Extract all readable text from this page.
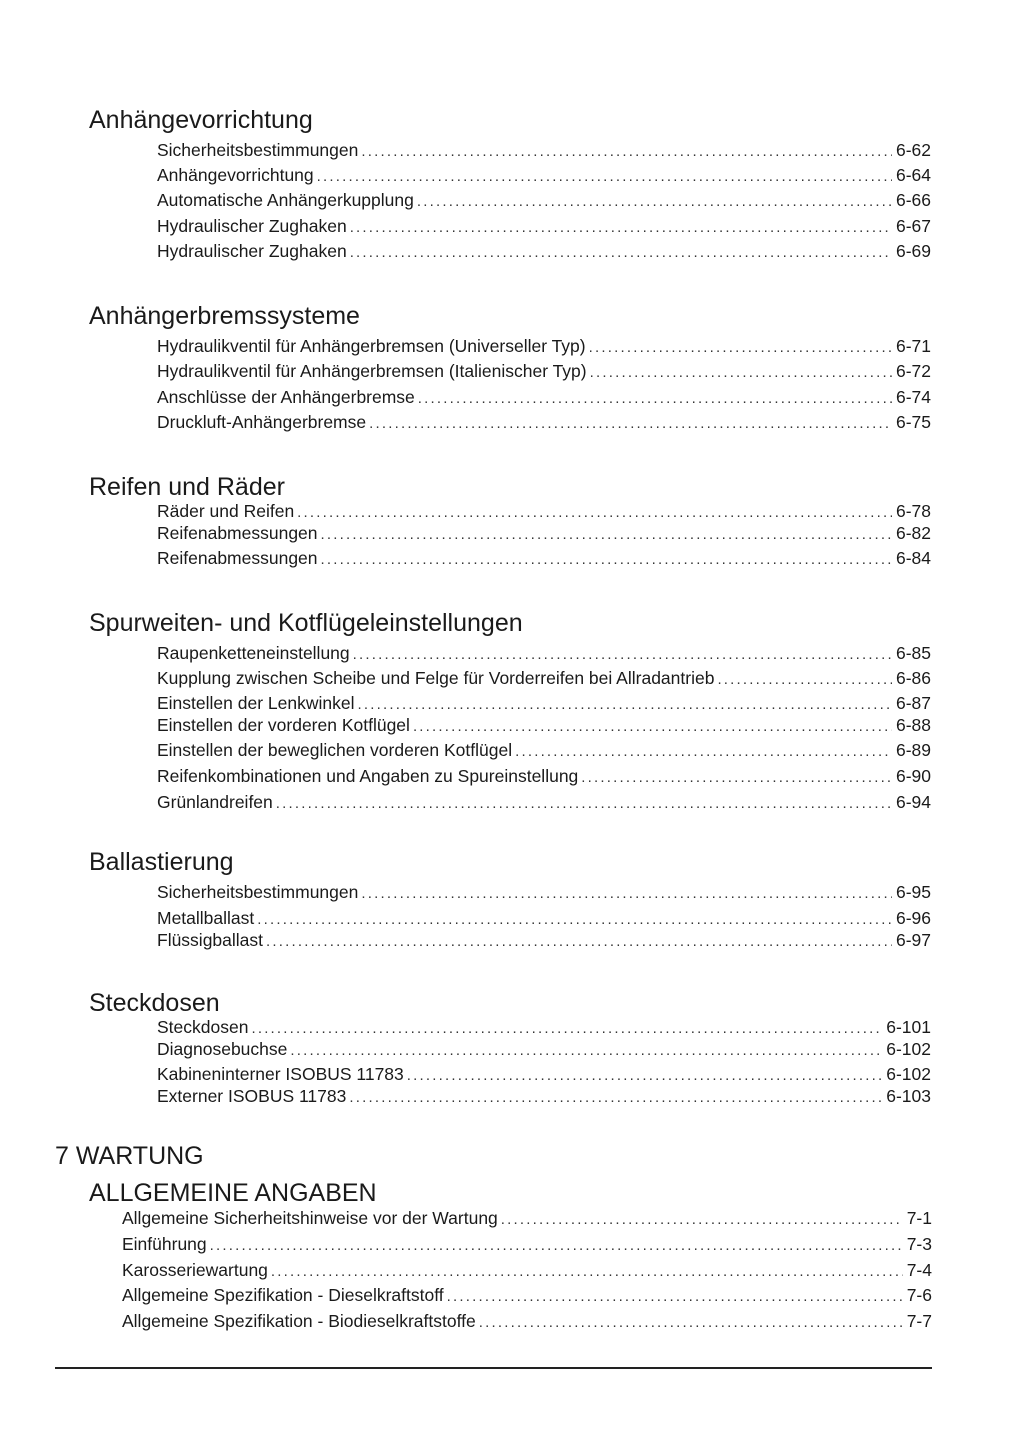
Anhängevorrichtung
Sicherheitsbestimmungen .....	6-62
Anhängevorrichtung .....	6-64
Automatische Anhängerkupplung .....	6-66
Hydraulischer Zughaken .....	6-67
Hydraulischer Zughaken .....	6-69
Anhängerbremssysteme
Hydraulikventil für Anhängerbremsen (Universeller Typ) .....	6-71
Hydraulikventil für Anhängerbremsen (Italienischer Typ) .....	6-72
Anschlüsse der Anhängerbremse .....	6-74
Druckluft-Anhängerbremse .....	6-75
Reifen und Räder
Räder und Reifen .....	6-78
Reifenabmessungen .....	6-82
Reifenabmessungen .....	6-84
Spurweiten- und Kotflügeleinstellungen
Raupenketteneinstellung .....	6-85
Kupplung zwischen Scheibe und Felge für Vorderreifen bei Allradantrieb .....	6-86
Einstellen der Lenkwinkel .....	6-87
Einstellen der vorderen Kotflügel .....	6-88
Einstellen der beweglichen vorderen Kotflügel .....	6-89
Reifenkombinationen und Angaben zu Spureinstellung .....	6-90
Grünlandreifen .....	6-94
Ballastierung
Sicherheitsbestimmungen .....	6-95
Metallballast .....	6-96
Flüssigballast .....	6-97
Steckdosen
Steckdosen .....	6-101
Diagnosebuchse .....	6-102
Kabineninterner ISOBUS 11783 .....	6-102
Externer ISOBUS 11783 .....	6-103
7 WARTUNG
ALLGEMEINE ANGABEN
Allgemeine Sicherheitshinweise vor der Wartung .....	7-1
Einführung .....	7-3
Karosseriewartung .....	7-4
Allgemeine Spezifikation - Dieselkraftstoff .....	7-6
Allgemeine Spezifikation - Biodieselkraftstoffe .....	7-7
